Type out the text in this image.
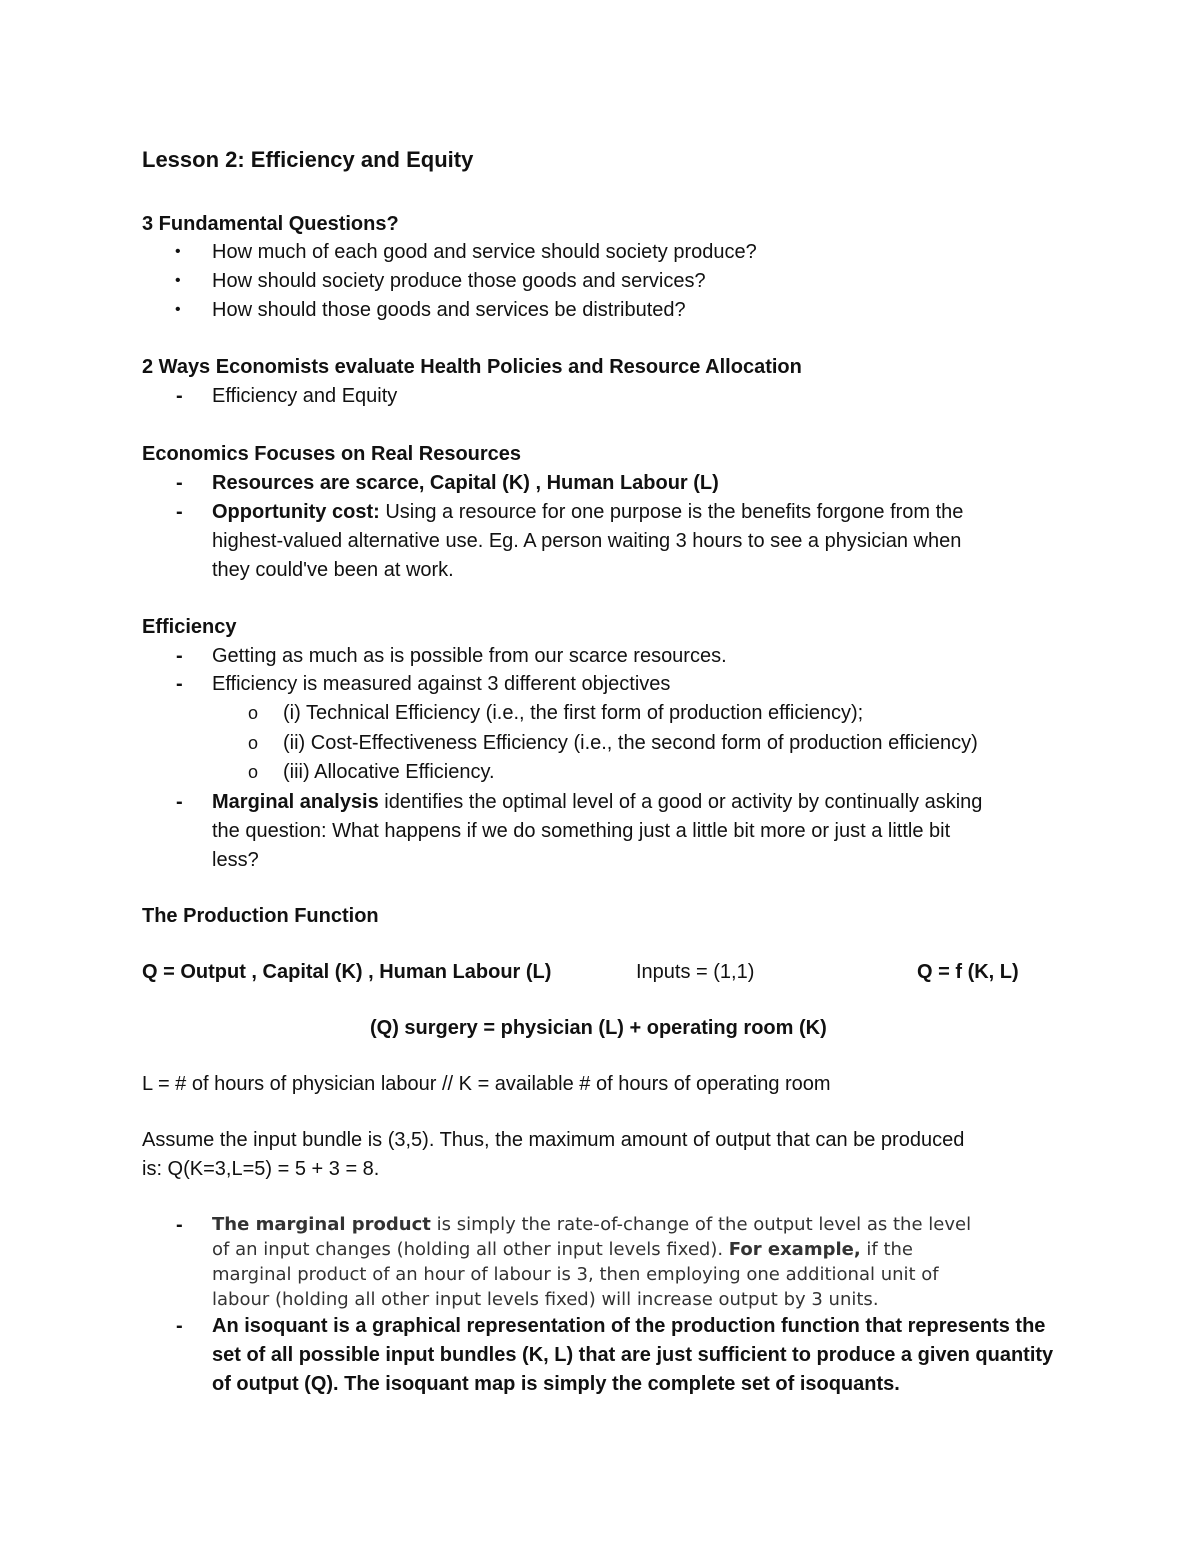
Lesson 2: Efficiency and Equity
3 Fundamental Questions?
• How much of each good and service should society produce?
• How should society produce those goods and services?
• How should those goods and services be distributed?
2 Ways Economists evaluate Health Policies and Resource Allocation
- Efficiency and Equity
Economics Focuses on Real Resources
- Resources are scarce, Capital (K) , Human Labour (L)
- Opportunity cost: Using a resource for one purpose is the benefits forgone from the
highest-valued alternative use. Eg. A person waiting 3 hours to see a physician when
they could've been at work.
Efficiency
- Getting as much as is possible from our scarce resources.
- Efficiency is measured against 3 different objectives
o (i) Technical Efficiency (i.e., the first form of production efficiency);
o (ii) Cost-Effectiveness Efficiency (i.e., the second form of production efficiency)
o (iii) Allocative Efficiency.
- Marginal analysis identifies the optimal level of a good or activity by continually asking
the question: What happens if we do something just a little bit more or just a little bit
less?
The Production Function
Q = Output , Capital (K) , Human Labour (L)	Inputs = (1,1)	Q = f (K, L)
(Q) surgery = physician (L) + operating room (K)
L = # of hours of physician labour // K = available # of hours of operating room
Assume the input bundle is (3,5). Thus, the maximum amount of output that can be produced
is: Q(K=3,L=5) = 5 + 3 = 8.
- The marginal product is simply the rate-of-change of the output level as the level
of an input changes (holding all other input levels fixed). For example, if the
marginal product of an hour of labour is 3, then employing one additional unit of
labour (holding all other input levels fixed) will increase output by 3 units.
- An isoquant is a graphical representation of the production function that represents the
set of all possible input bundles (K, L) that are just sufficient to produce a given quantity
of output (Q). The isoquant map is simply the complete set of isoquants.
